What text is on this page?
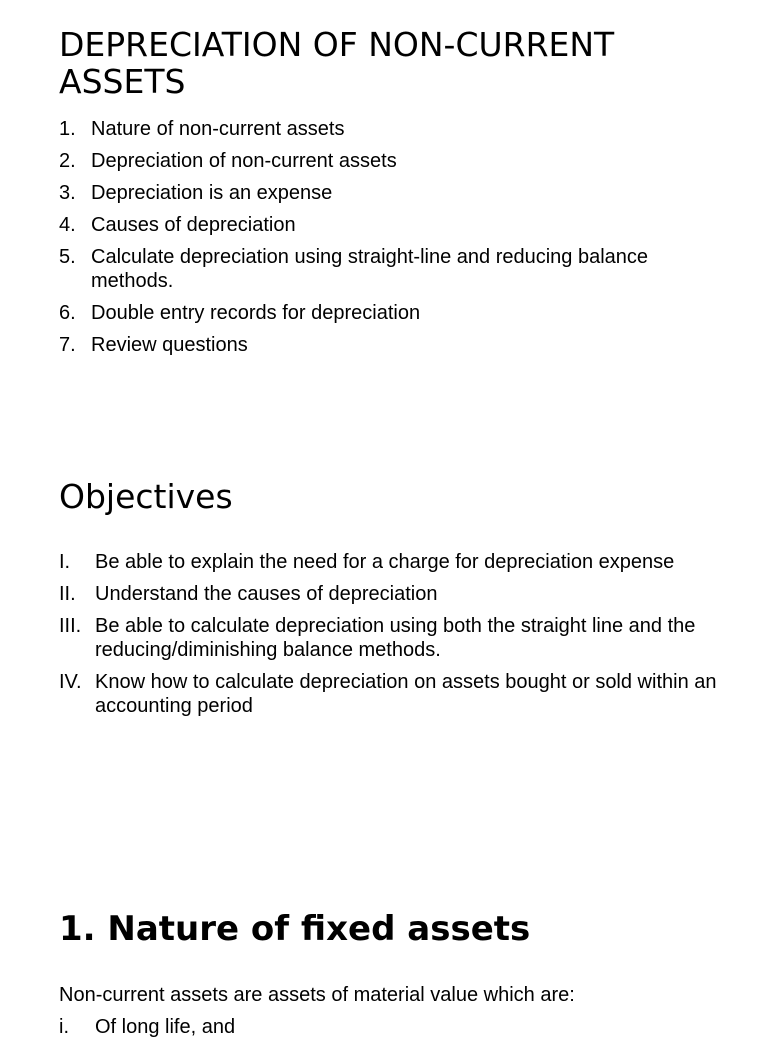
DEPRECIATION OF NON-CURRENT ASSETS
1. Nature of non-current assets
2. Depreciation of non-current assets
3. Depreciation is an expense
4. Causes of depreciation
5. Calculate depreciation using straight-line and reducing balance methods.
6. Double entry records for depreciation
7. Review questions
Objectives
I. Be able to explain the need for a charge for depreciation expense
II. Understand the causes of depreciation
III. Be able to calculate depreciation using both the straight line and the reducing/diminishing balance methods.
IV. Know how to calculate depreciation on assets bought or sold within an accounting period
1. Nature of fixed assets

Non-current assets are assets of material value which are:

i. Of long life, and
